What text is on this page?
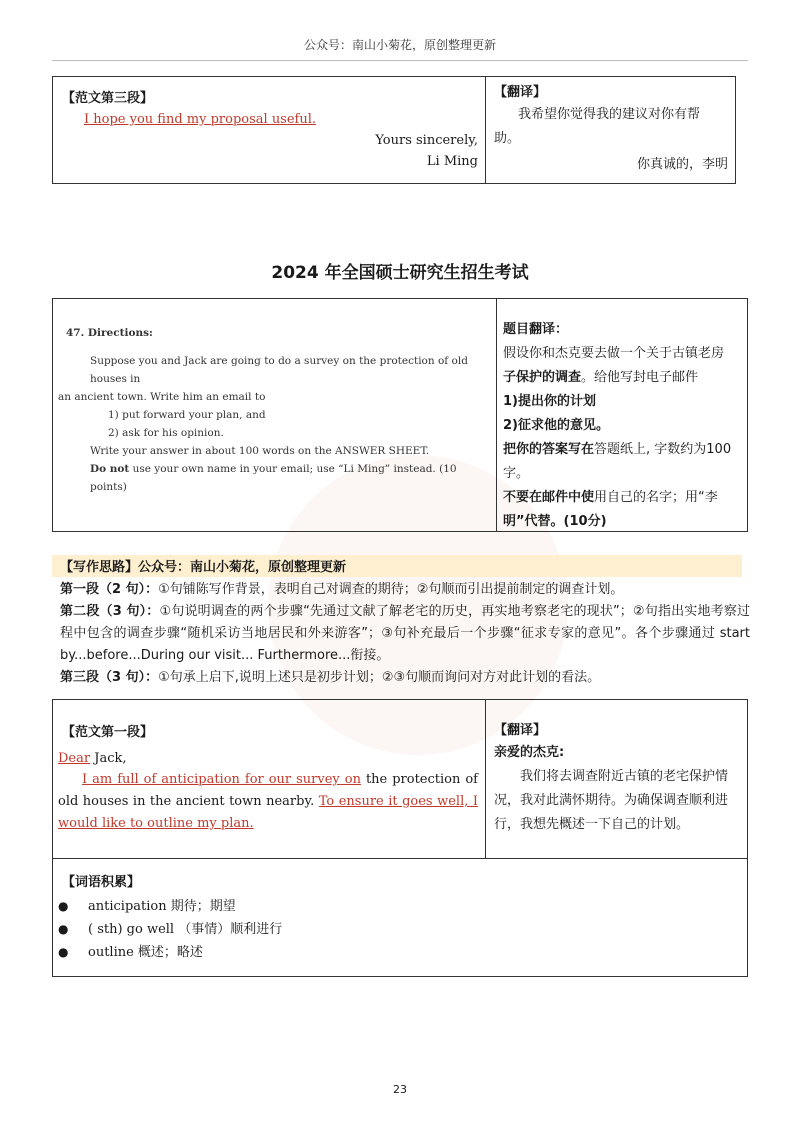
公众号：南山小菊花，原创整理更新
【范文第三段】
I hope you find my proposal useful.
Yours sincerely,
Li Ming
【翻译】
我希望你觉得我的建议对你有帮
助。
你真诚的，李明
2024 年全国硕士研究生招生考试
47. Directions:
Suppose you and Jack are going to do a survey on the protection of old houses in
an ancient town. Write him an email to
1) put forward your plan, and
2) ask for his opinion.
Write your answer in about 100 words on the ANSWER SHEET.
Do not use your own name in your email; use “Li Ming” instead. (10 points)
题目翻译：
假设你和杰克要去做一个关于古镇老房
子保护的调查。给他写封电子邮件
1)提出你的计划
2)征求他的意见。
把你的答案写在答题纸上, 字数约为100
字。
不要在邮件中使用自己的名字；用“李
明”代替。(10分)

【写作思路】公众号：南山小菊花，原创整理更新

第一段（2 句）：①句铺陈写作背景，表明自己对调查的期待；②句顺而引出提前制定的调查计划。

第二段（3 句）：①句说明调查的两个步骤“先通过文献了解老宅的历史，再实地考察老宅的现状”；②句指出实地考察过程中包含的调查步骤“随机采访当地居民和外来游客”；③句补充最后一个步骤“征求专家的意见”。各个步骤通过 start by...before...During our visit... Furthermore...衔接。

第三段（3 句）：①句承上启下,说明上述只是初步计划；②③句顺而询问对方对此计划的看法。

【范文第一段】
Dear Jack,
I am full of anticipation for our survey on the protection of old houses in the ancient town nearby. To ensure it goes well, I would like to outline my plan.
【翻译】
亲爱的杰克:
我们将去调查附近古镇的老宅保护情况，我对此满怀期待。为确保调查顺利进行，我想先概述一下自己的计划。
【词语积累】
● anticipation 期待；期望
● ( sth) go well （事情）顺利进行
● outline 概述；略述
23
